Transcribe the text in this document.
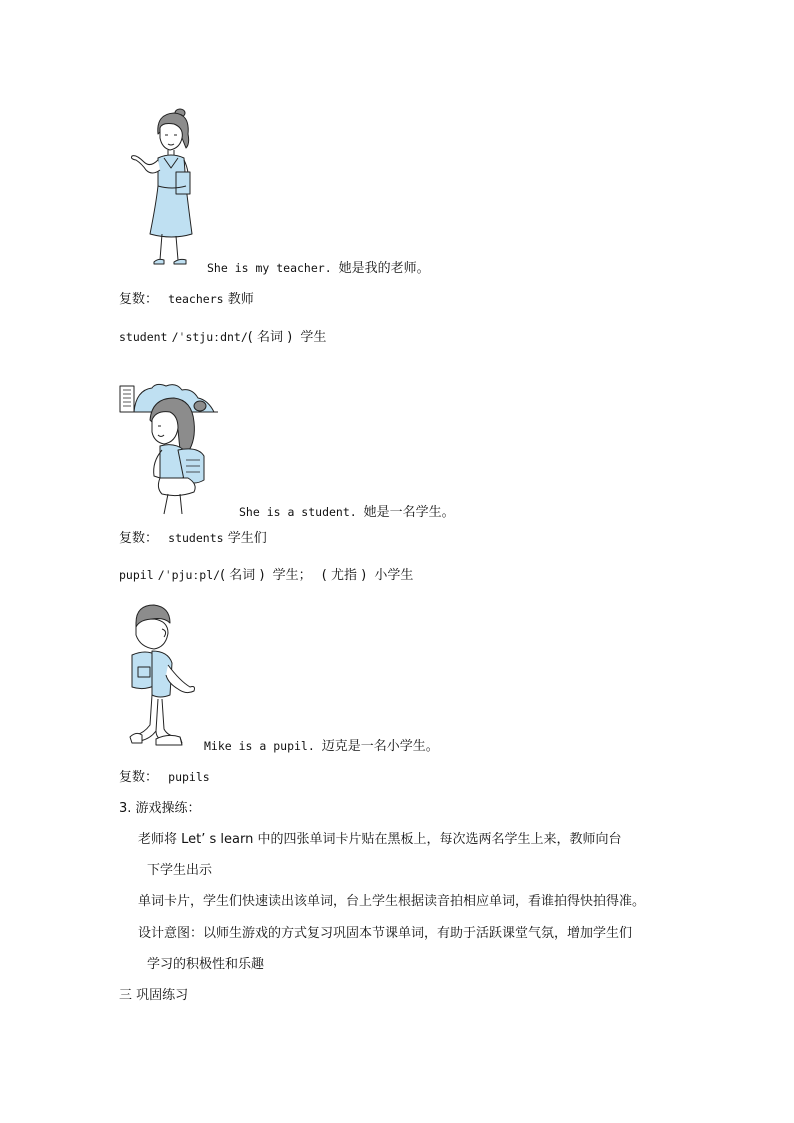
She is my teacher. 她是我的老师。
复数： teachers 教师
student /ˈstjuːdnt/( 名词 ) 学生
She is a student. 她是一名学生。
复数： students 学生们
pupil /ˈpjuːpl/( 名词 ) 学生； ( 尤指 ) 小学生
Mike is a pupil. 迈克是一名小学生。
复数： pupils
3. 游戏操练：
老师将 Let’ s learn 中的四张单词卡片贴在黑板上，每次选两名学生上来，教师向台
下学生出示
单词卡片，学生们快速读出该单词，台上学生根据读音拍相应单词，看谁拍得快拍得准。
设计意图：以师生游戏的方式复习巩固本节课单词，有助于活跃课堂气氛，增加学生们
学习的积极性和乐趣
三 巩固练习
